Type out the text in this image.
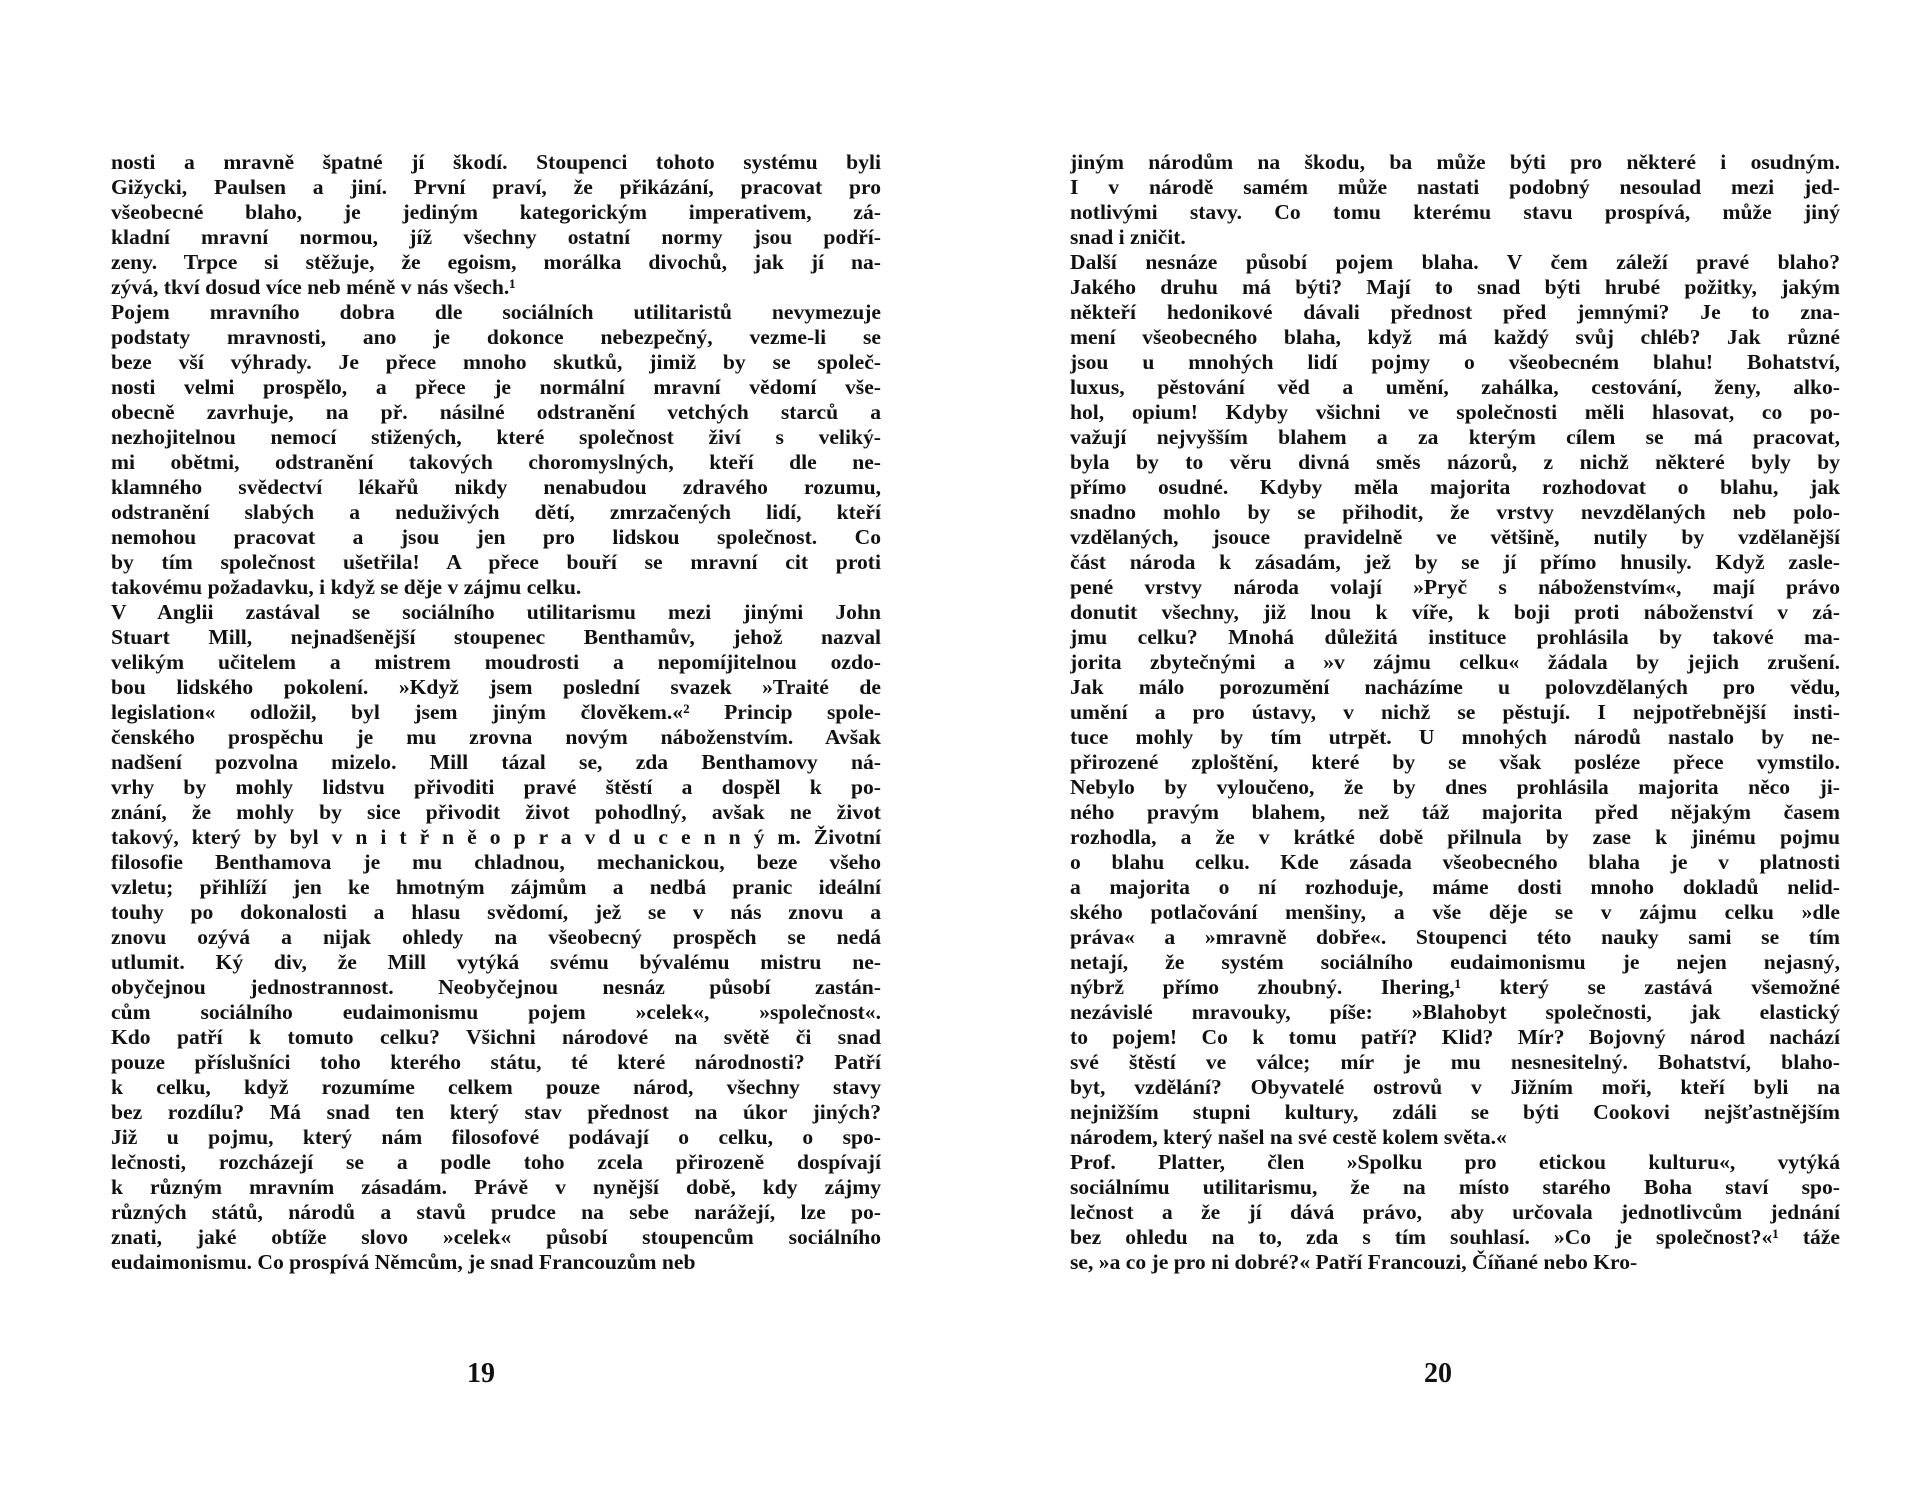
nosti a mravně špatné jí škodí. Stoupenci tohoto systému byli
Gižycki, Paulsen a jiní. První praví, že přikázání, pracovat pro
všeobecné blaho, je jediným kategorickým imperativem, zá-
kladní mravní normou, jíž všechny ostatní normy jsou podří-
zeny. Trpce si stěžuje, že egoism, morálka divochů, jak jí na-
zývá, tkví dosud více neb méně v nás všech.¹
Pojem mravního dobra dle sociálních utilitaristů nevymezuje
podstaty mravnosti, ano je dokonce nebezpečný, vezme-li se
beze vší výhrady. Je přece mnoho skutků, jimiž by se společ-
nosti velmi prospělo, a přece je normální mravní vědomí vše-
obecně zavrhuje, na př. násilné odstranění vetchých starců a
nezhojitelnou nemocí stižených, které společnost živí s veliký-
mi obětmi, odstranění takových choromyslných, kteří dle ne-
klamného svědectví lékařů nikdy nenabudou zdravého rozumu,
odstranění slabých a neduživých dětí, zmrzačených lidí, kteří
nemohou pracovat a jsou jen pro lidskou společnost. Co
by tím společnost ušetřila! A přece bouří se mravní cit proti
takovému požadavku, i když se děje v zájmu celku.
V Anglii zastával se sociálního utilitarismu mezi jinými John
Stuart Mill, nejnadšenější stoupenec Benthamův, jehož nazval
velikým učitelem a mistrem moudrosti a nepomíjitelnou ozdo-
bou lidského pokolení. »Když jsem poslední svazek »Traité de
legislation« odložil, byl jsem jiným člověkem.«² Princip spole-
čenského prospěchu je mu zrovna novým náboženstvím. Avšak
nadšení pozvolna mizelo. Mill tázal se, zda Benthamovy ná-
vrhy by mohly lidstvu přivoditi pravé štěstí a dospěl k po-
znání, že mohly by sice přivodit život pohodlný, avšak ne život
takový, který by byl v n i t ř n ě o p r a v d u c e n n ý m. Životní
filosofie Benthamova je mu chladnou, mechanickou, beze všeho
vzletu; přihlíží jen ke hmotným zájmům a nedbá pranic ideální
touhy po dokonalosti a hlasu svědomí, jež se v nás znovu a
znovu ozývá a nijak ohledy na všeobecný prospěch se nedá
utlumit. Ký div, že Mill vytýká svému bývalému mistru ne-
obyčejnou jednostrannost. Neobyčejnou nesnáz působí zastán-
cům sociálního eudaimonismu pojem »celek«, »společnost«.
Kdo patří k tomuto celku? Všichni národové na světě či snad
pouze příslušníci toho kterého státu, té které národnosti? Patří
k celku, když rozumíme celkem pouze národ, všechny stavy
bez rozdílu? Má snad ten který stav přednost na úkor jiných?
Již u pojmu, který nám filosofové podávají o celku, o spo-
lečnosti, rozcházejí se a podle toho zcela přirozeně dospívají
k různým mravním zásadám. Právě v nynější době, kdy zájmy
různých států, národů a stavů prudce na sebe narážejí, lze po-
znati, jaké obtíže slovo »celek« působí stoupencům sociálního
eudaimonismu. Co prospívá Němcům, je snad Francouzům neb
19
jiným národům na škodu, ba může býti pro některé i osudným.
I v národě samém může nastati podobný nesoulad mezi jed-
notlivými stavy. Co tomu kterému stavu prospívá, může jiný
snad i zničit.
Další nesnáze působí pojem blaha. V čem záleží pravé blaho?
Jakého druhu má býti? Mají to snad býti hrubé požitky, jakým
někteří hedonikové dávali přednost před jemnými? Je to zna-
mení všeobecného blaha, když má každý svůj chléb? Jak různé
jsou u mnohých lidí pojmy o všeobecném blahu! Bohatství,
luxus, pěstování věd a umění, zahálka, cestování, ženy, alko-
hol, opium! Kdyby všichni ve společnosti měli hlasovat, co po-
važují nejvyšším blahem a za kterým cílem se má pracovat,
byla by to věru divná směs názorů, z nichž některé byly by
přímo osudné. Kdyby měla majorita rozhodovat o blahu, jak
snadno mohlo by se přihodit, že vrstvy nevzdělaných neb polo-
vzdělaných, jsouce pravidelně ve většině, nutily by vzdělanější
část národa k zásadám, jež by se jí přímo hnusily. Když zasle-
pené vrstvy národa volají »Pryč s náboženstvím«, mají právo
donutit všechny, již lnou k víře, k boji proti náboženství v zá-
jmu celku? Mnohá důležitá instituce prohlásila by takové ma-
jorita zbytečnými a »v zájmu celku« žádala by jejich zrušení.
Jak málo porozumění nacházíme u polovzdělaných pro vědu,
umění a pro ústavy, v nichž se pěstují. I nejpotřebnější insti-
tuce mohly by tím utrpět. U mnohých národů nastalo by ne-
přirozené zploštění, které by se však posléze přece vymstilo.
Nebylo by vyloučeno, že by dnes prohlásila majorita něco ji-
ného pravým blahem, než táž majorita před nějakým časem
rozhodla, a že v krátké době přilnula by zase k jinému pojmu
o blahu celku. Kde zásada všeobecného blaha je v platnosti
a majorita o ní rozhoduje, máme dosti mnoho dokladů nelid-
ského potlačování menšiny, a vše děje se v zájmu celku »dle
práva« a »mravně dobře«. Stoupenci této nauky sami se tím
netají, že systém sociálního eudaimonismu je nejen nejasný,
nýbrž přímo zhoubný. Ihering,¹ který se zastává všemožné
nezávislé mravouky, píše: »Blahobyt společnosti, jak elastický
to pojem! Co k tomu patří? Klid? Mír? Bojovný národ nachází
své štěstí ve válce; mír je mu nesnesitelný. Bohatství, blaho-
byt, vzdělání? Obyvatelé ostrovů v Jižním moři, kteří byli na
nejnižším stupni kultury, zdáli se býti Cookovi nejšťastnějším
národem, který našel na své cestě kolem světa.«
Prof. Platter, člen »Spolku pro etickou kulturu«, vytýká
sociálnímu utilitarismu, že na místo starého Boha staví spo-
lečnost a že jí dává právo, aby určovala jednotlivcům jednání
bez ohledu na to, zda s tím souhlasí. »Co je společnost?«¹ táže
se, »a co je pro ni dobré?« Patří Francouzi, Číňané nebo Kro-
20
